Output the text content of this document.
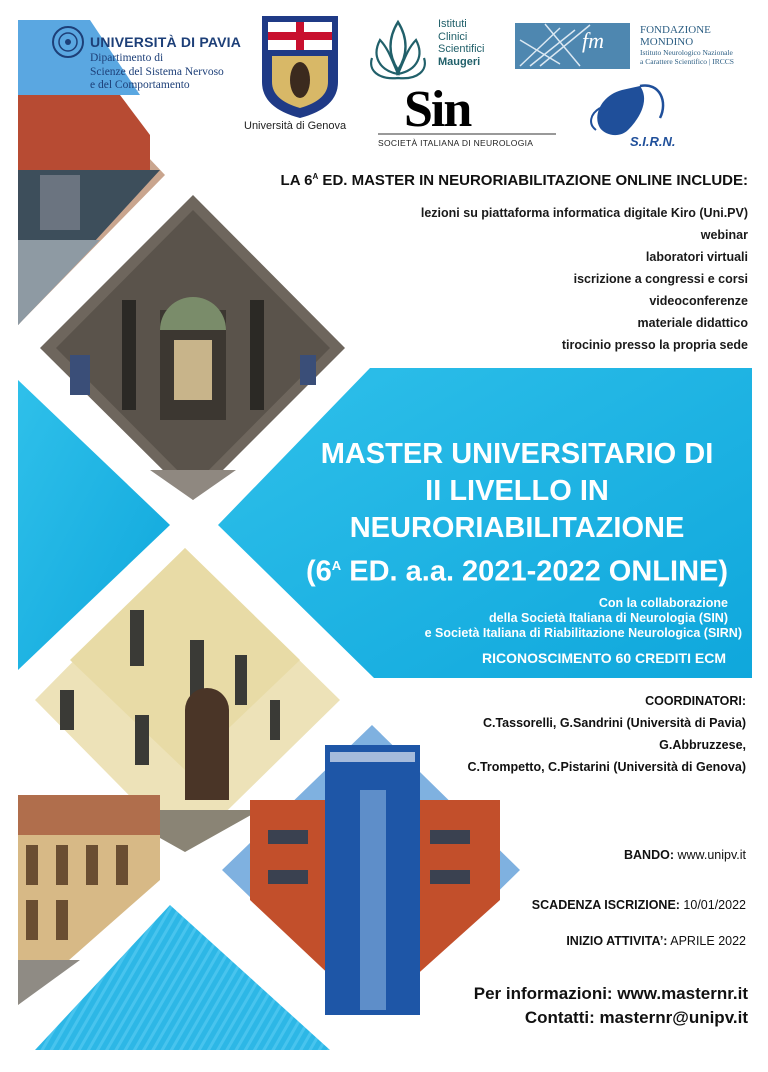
UNIVERSITÀ DI PAVIA
Dipartimento di
Scienze del Sistema Nervoso
e del Comportamento
Università di Genova
Istituti
Clinici
Scientifici
Maugeri
fm	FONDAZIONE
MONDINO
Istituto Neurologico Nazionale
a Carattere Scientifico | IRCCS
Sin
SOCIETÀ ITALIANA DI NEUROLOGIA	S.I.R.N.
LA $6^A$ ED. MASTER IN NEURORIABILITAZIONE ONLINE INCLUDE:
lezioni su piattaforma informatica digitale Kiro (Uni.PV)
webinar
laboratori virtuali
iscrizione a congressi e corsi
videoconferenze
materiale didattico
tirocinio presso la propria sede
MASTER UNIVERSITARIO DI
II LIVELLO IN
NEURORIABILITAZIONE
($6^A$ ED. a.a. 2021-2022 ONLINE)
Con la collaborazione
della Società Italiana di Neurologia (SIN)
e Società Italiana di Riabilitazione Neurologica (SIRN)
RICONOSCIMENTO 60 CREDITI ECM
COORDINATORI:
C.Tassorelli, G.Sandrini (Università di Pavia)
G.Abbruzzese,
C.Trompetto, C.Pistarini (Università di Genova)
BANDO: www.unipv.it
SCADENZA ISCRIZIONE: 10/01/2022
INIZIO ATTIVITA’: APRILE 2022
Per informazioni: www.masternr.it
Contatti: masternr@unipv.it
